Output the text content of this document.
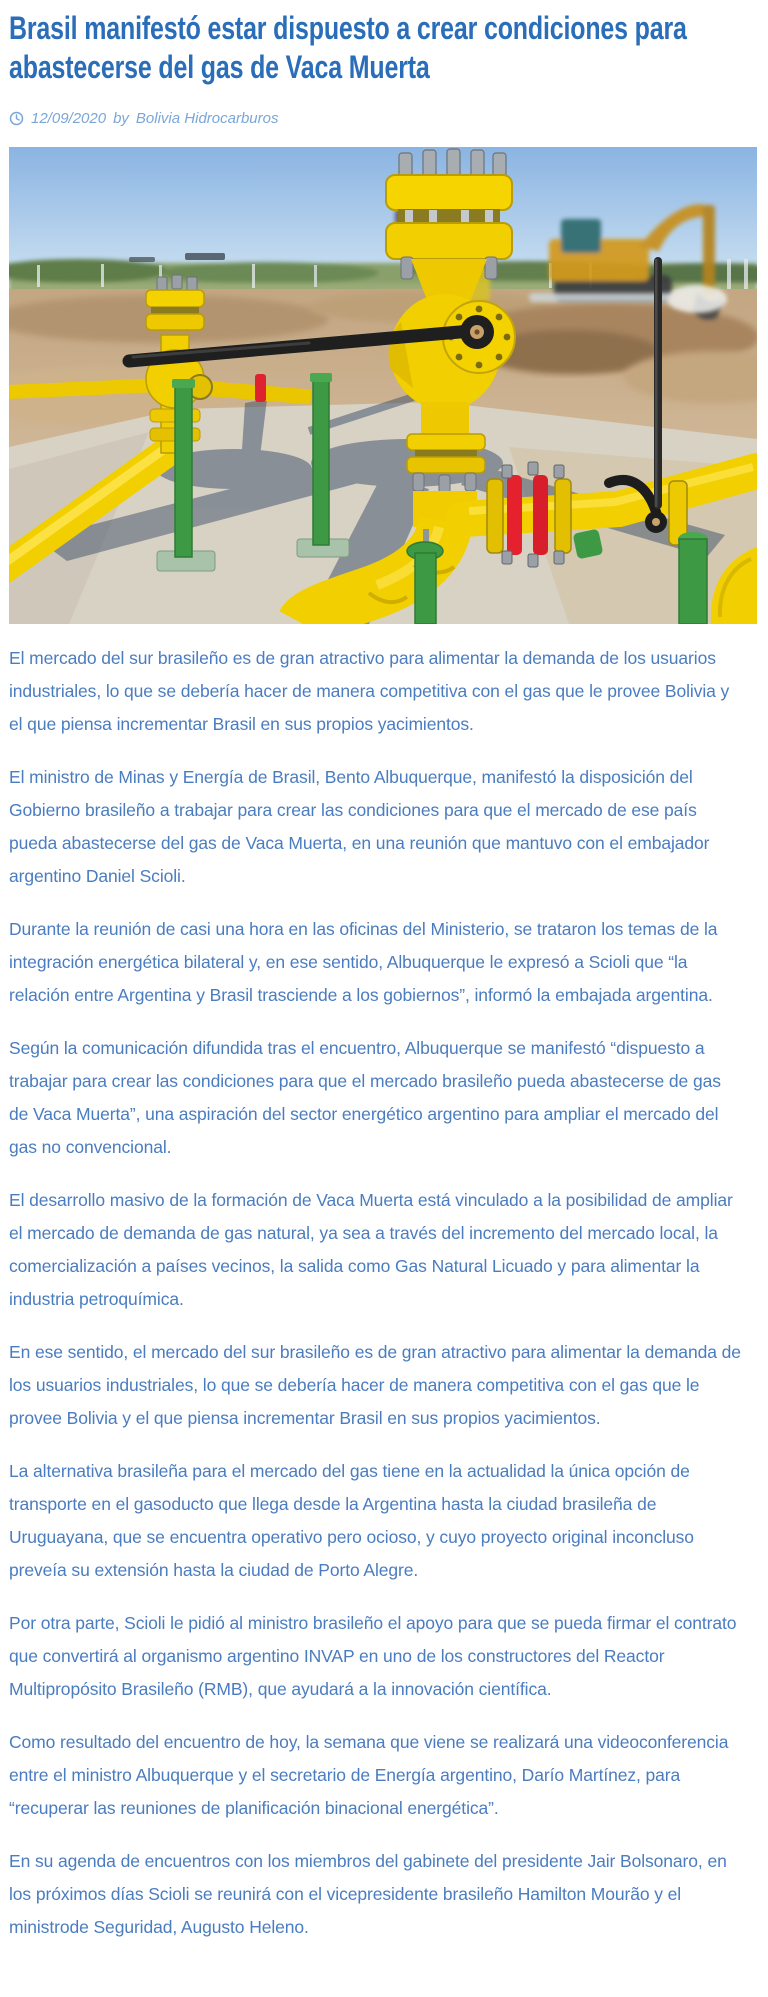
Brasil manifestó estar dispuesto a crear condiciones para abastecerse del gas de Vaca Muerta
12/09/2020 by Bolivia Hidrocarburos

El mercado del sur brasileño es de gran atractivo para alimentar la demanda de los usuarios industriales, lo que se debería hacer de manera competitiva con el gas que le provee Bolivia y el que piensa incrementar Brasil en sus propios yacimientos.

El ministro de Minas y Energía de Brasil, Bento Albuquerque, manifestó la disposición del Gobierno brasileño a trabajar para crear las condiciones para que el mercado de ese país pueda abastecerse del gas de Vaca Muerta, en una reunión que mantuvo con el embajador argentino Daniel Scioli.

Durante la reunión de casi una hora en las oficinas del Ministerio, se trataron los temas de la integración energética bilateral y, en ese sentido, Albuquerque le expresó a Scioli que “la relación entre Argentina y Brasil trasciende a los gobiernos”, informó la embajada argentina.

Según la comunicación difundida tras el encuentro, Albuquerque se manifestó “dispuesto a trabajar para crear las condiciones para que el mercado brasileño pueda abastecerse de gas de Vaca Muerta”, una aspiración del sector energético argentino para ampliar el mercado del gas no convencional.

El desarrollo masivo de la formación de Vaca Muerta está vinculado a la posibilidad de ampliar el mercado de demanda de gas natural, ya sea a través del incremento del mercado local, la comercialización a países vecinos, la salida como Gas Natural Licuado y para alimentar la industria petroquímica.

En ese sentido, el mercado del sur brasileño es de gran atractivo para alimentar la demanda de los usuarios industriales, lo que se debería hacer de manera competitiva con el gas que le provee Bolivia y el que piensa incrementar Brasil en sus propios yacimientos.

La alternativa brasileña para el mercado del gas tiene en la actualidad la única opción de transporte en el gasoducto que llega desde la Argentina hasta la ciudad brasileña de Uruguayana, que se encuentra operativo pero ocioso, y cuyo proyecto original inconcluso preveía su extensión hasta la ciudad de Porto Alegre.

Por otra parte, Scioli le pidió al ministro brasileño el apoyo para que se pueda firmar el contrato que convertirá al organismo argentino INVAP en uno de los constructores del Reactor Multipropósito Brasileño (RMB), que ayudará a la innovación científica.

Como resultado del encuentro de hoy, la semana que viene se realizará una videoconferencia entre el ministro Albuquerque y el secretario de Energía argentino, Darío Martínez, para “recuperar las reuniones de planificación binacional energética”.

En su agenda de encuentros con los miembros del gabinete del presidente Jair Bolsonaro, en los próximos días Scioli se reunirá con el vicepresidente brasileño Hamilton Mourão y el ministrode Seguridad, Augusto Heleno.
